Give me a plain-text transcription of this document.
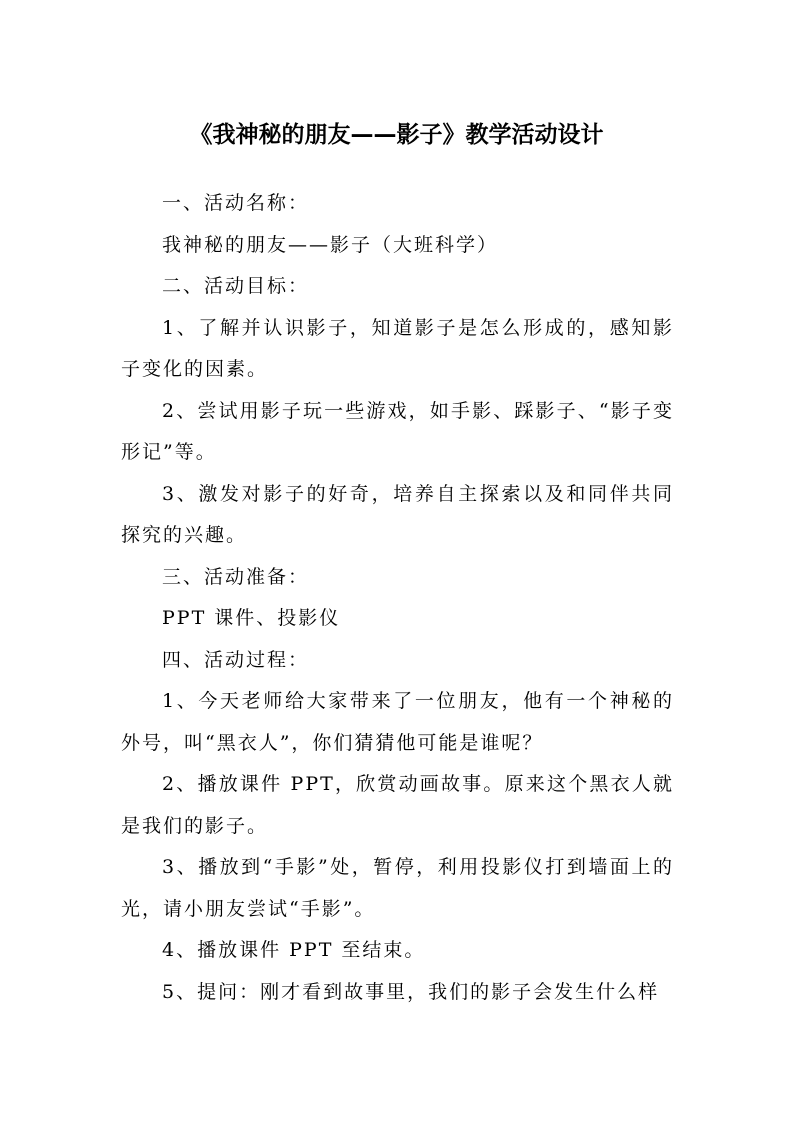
《我神秘的朋友——影子》教学活动设计

一、活动名称：

我神秘的朋友——影子（大班科学）

二、活动目标：

1、了解并认识影子，知道影子是怎么形成的，感知影子变化的因素。

2、尝试用影子玩一些游戏，如手影、踩影子、“影子变形记”等。

3、激发对影子的好奇，培养自主探索以及和同伴共同探究的兴趣。

三、活动准备：

PPT 课件、投影仪

四、活动过程：

1、今天老师给大家带来了一位朋友，他有一个神秘的外号，叫“黑衣人”，你们猜猜他可能是谁呢？

2、播放课件 PPT，欣赏动画故事。原来这个黑衣人就是我们的影子。

3、播放到“手影”处，暂停，利用投影仪打到墙面上的光，请小朋友尝试“手影”。

4、播放课件 PPT 至结束。

5、提问：刚才看到故事里，我们的影子会发生什么样
